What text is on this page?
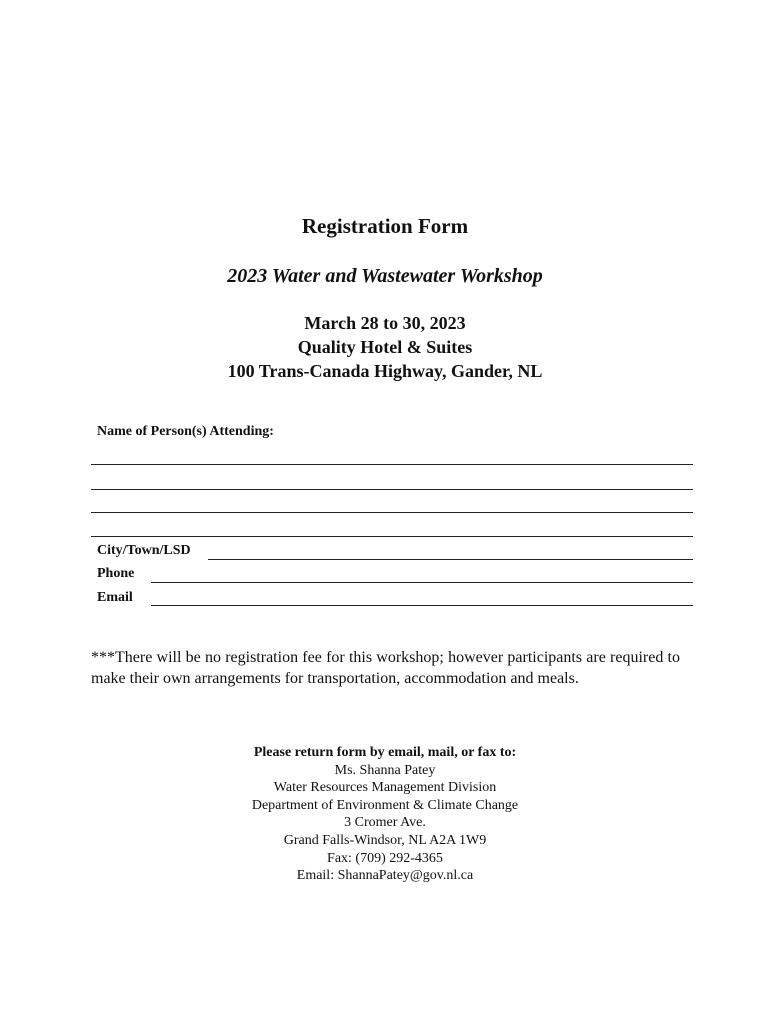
Registration Form
2023 Water and Wastewater Workshop
March 28 to 30, 2023
Quality Hotel & Suites
100 Trans-Canada Highway, Gander, NL
Name of Person(s) Attending:
City/Town/LSD
Phone
Email
***There will be no registration fee for this workshop; however participants are required to make their own arrangements for transportation, accommodation and meals.
Please return form by email, mail, or fax to:
Ms. Shanna Patey
Water Resources Management Division
Department of Environment & Climate Change
3 Cromer Ave.
Grand Falls-Windsor, NL A2A 1W9
Fax: (709) 292-4365
Email: ShannaPatey@gov.nl.ca
